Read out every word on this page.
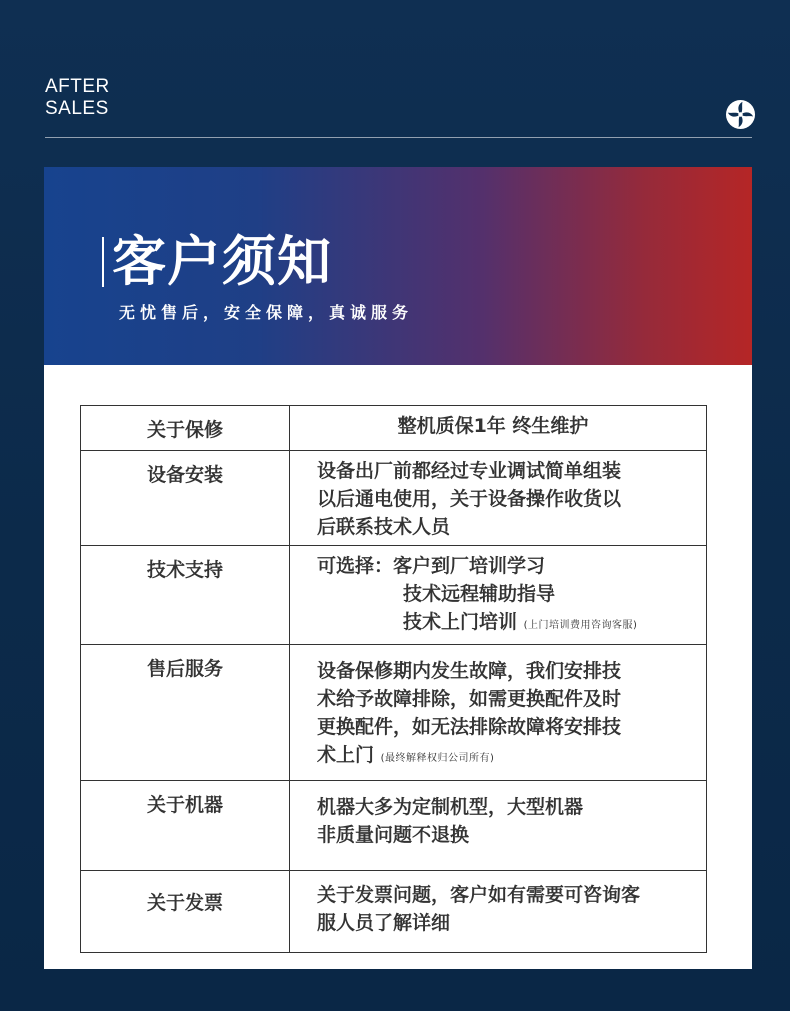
AFTER
SALES
客户须知
无忧售后，安全保障，真诚服务
关于保修	整机质保1年 终生维护
设备安装	设备出厂前都经过专业调试简单组装
以后通电使用，关于设备操作收货以
后联系技术人员

技术支持	可选择：客户到厂培训学习
技术远程辅助指导
技术上门培训 (上门培训费用咨询客服)

售后服务	设备保修期内发生故障，我们安排技
术给予故障排除，如需更换配件及时
更换配件，如无法排除故障将安排技
术上门 (最终解释权归公司所有)

关于机器	机器大多为定制机型，大型机器
非质量问题不退换

关于发票	关于发票问题，客户如有需要可咨询客
服人员了解详细
